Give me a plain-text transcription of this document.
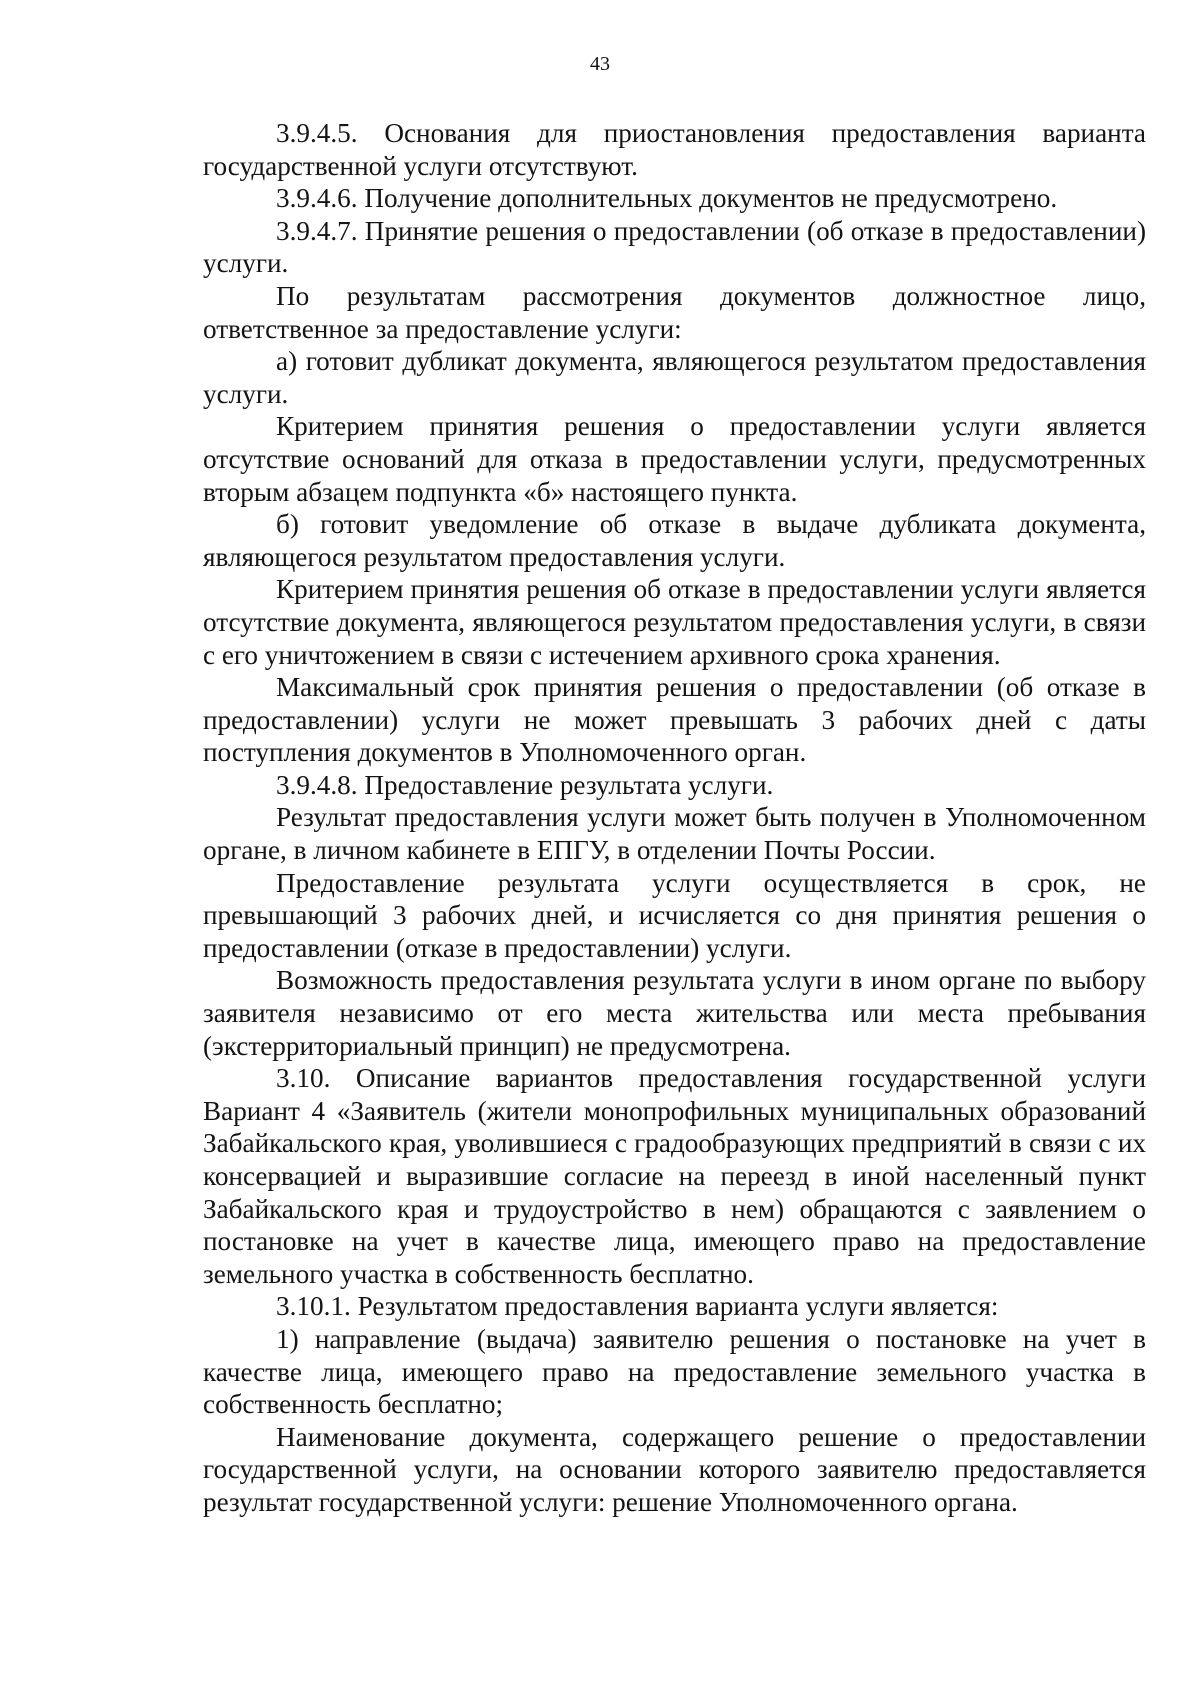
43

3.9.4.5. Основания для приостановления предоставления варианта государственной услуги отсутствуют.

3.9.4.6. Получение дополнительных документов не предусмотрено.

3.9.4.7. Принятие решения о предоставлении (об отказе в предоставлении) услуги.

По результатам рассмотрения документов должностное лицо, ответственное за предоставление услуги:

а) готовит дубликат документа, являющегося результатом предоставления услуги.

Критерием принятия решения о предоставлении услуги является отсутствие оснований для отказа в предоставлении услуги, предусмотренных вторым абзацем подпункта «б» настоящего пункта.

б) готовит уведомление об отказе в выдаче дубликата документа, являющегося результатом предоставления услуги.

Критерием принятия решения об отказе в предоставлении услуги является отсутствие документа, являющегося результатом предоставления услуги, в связи с его уничтожением в связи с истечением архивного срока хранения.

Максимальный срок принятия решения о предоставлении (об отказе в предоставлении) услуги не может превышать 3 рабочих дней с даты поступления документов в Уполномоченного орган.

3.9.4.8. Предоставление результата услуги.

Результат предоставления услуги может быть получен в Уполномоченном органе, в личном кабинете в ЕПГУ, в отделении Почты России.

Предоставление результата услуги осуществляется в срок, не превышающий 3 рабочих дней, и исчисляется со дня принятия решения о предоставлении (отказе в предоставлении) услуги.

Возможность предоставления результата услуги в ином органе по выбору заявителя независимо от его места жительства или места пребывания (экстерриториальный принцип) не предусмотрена.

3.10. Описание вариантов предоставления государственной услуги Вариант 4 «Заявитель (жители монопрофильных муниципальных образований Забайкальского края, уволившиеся с градообразующих предприятий в связи с их консервацией и выразившие согласие на переезд в иной населенный пункт Забайкальского края и трудоустройство в нем) обращаются с заявлением о постановке на учет в качестве лица, имеющего право на предоставление земельного участка в собственность бесплатно.

3.10.1. Результатом предоставления варианта услуги является:

1) направление (выдача) заявителю решения о постановке на учет в качестве лица, имеющего право на предоставление земельного участка в собственность бесплатно;

Наименование документа, содержащего решение о предоставлении государственной услуги, на основании которого заявителю предоставляется результат государственной услуги: решение Уполномоченного органа.
